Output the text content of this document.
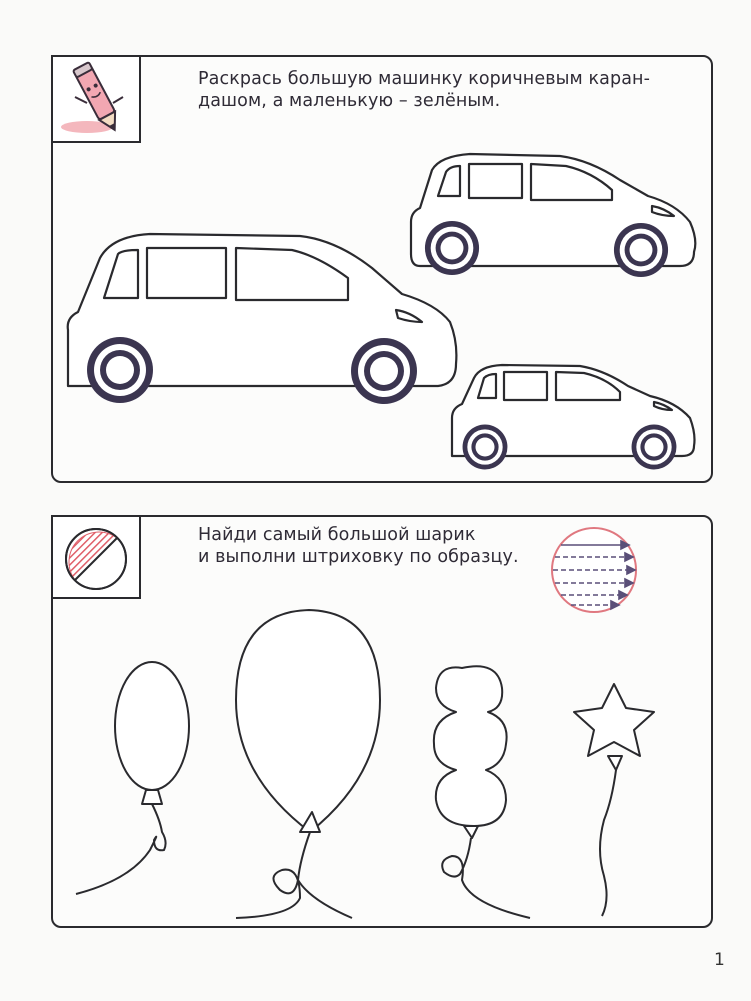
Раскрась большую машинку коричневым каран-
дашом, а маленькую – зелёным.
Найди самый большой шарик
и выполни штриховку по образцу.
1
